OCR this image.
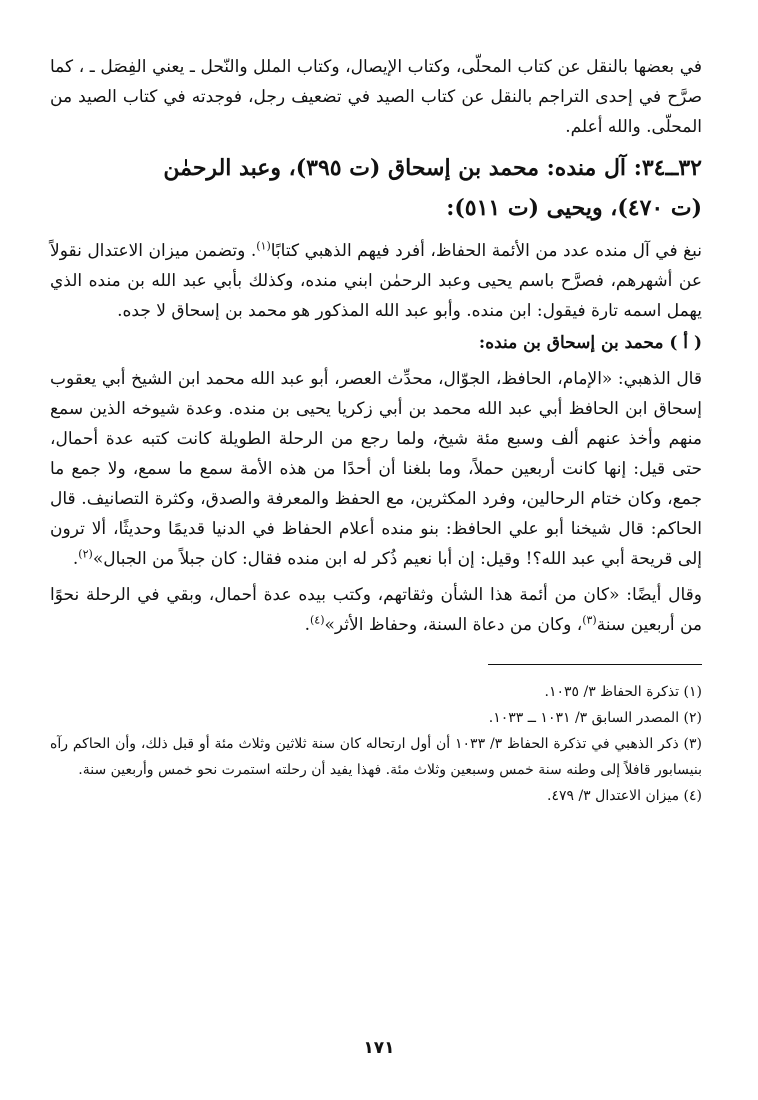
في بعضها بالنقل عن كتاب المحلّى، وكتاب الإيصال، وكتاب الملل والنّحل ـ يعني الفِصَل ـ ، كما صرَّح في إحدى التراجم بالنقل عن كتاب الصيد في تضعيف رجل، فوجدته في كتاب الصيد من المحلّى. والله أعلم.
٣٢ــ٣٤: آل منده: محمد بن إسحاق (ت ٣٩٥)، وعبد الرحمٰن
(ت ٤٧٠)، ويحيى (ت ٥١١):

نبغ في آل منده عدد من الأئمة الحفاظ، أفرد فيهم الذهبي كتابًا$^{(١)}$. وتضمن ميزان الاعتدال نقولاً عن أشهرهم، فصرَّح باسم يحيى وعبد الرحمٰن ابني منده، وكذلك بأبي عبد الله بن منده الذي يهمل اسمه تارة فيقول: ابن منده. وأبو عبد الله المذكور هو محمد بن إسحاق لا جده.

( أ ) محمد بن إسحاق بن منده:

قال الذهبي: «الإمام، الحافظ، الجوّال، محدِّث العصر، أبو عبد الله محمد ابن الشيخ أبي يعقوب إسحاق ابن الحافظ أبي عبد الله محمد بن أبي زكريا يحيى بن منده. وعدة شيوخه الذين سمع منهم وأخذ عنهم ألف وسبع مئة شيخ، ولما رجع من الرحلة الطويلة كانت كتبه عدة أحمال، حتى قيل: إنها كانت أربعين حملاً، وما بلغنا أن أحدًا من هذه الأمة سمع ما سمع، ولا جمع ما جمع، وكان ختام الرحالين، وفرد المكثرين، مع الحفظ والمعرفة والصدق، وكثرة التصانيف. قال الحاكم: قال شيخنا أبو علي الحافظ: بنو منده أعلام الحفاظ في الدنيا قديمًا وحديثًا، ألا ترون إلى قريحة أبي عبد الله؟! وقيل: إن أبا نعيم ذُكر له ابن منده فقال: كان جبلاً من الجبال»$^{(٢)}$.

وقال أيضًا: «كان من أئمة هذا الشأن وثقاتهم، وكتب بيده عدة أحمال، وبقي في الرحلة نحوًا من أربعين سنة$^{(٣)}$، وكان من دعاة السنة، وحفاظ الأثر»$^{(٤)}$.

(١) تذكرة الحفاظ ٣/ ١٠٣٥.

(٢) المصدر السابق ٣/ ١٠٣١ ــ ١٠٣٣.

(٣) ذكر الذهبي في تذكرة الحفاظ ٣/ ١٠٣٣ أن أول ارتحاله كان سنة ثلاثين وثلاث مئة أو قبل ذلك، وأن الحاكم رآه بنيسابور قافلاً إلى وطنه سنة خمس وسبعين وثلاث مئة. فهذا يفيد أن رحلته استمرت نحو خمس وأربعين سنة.

(٤) ميزان الاعتدال ٣/ ٤٧٩.

١٧١
